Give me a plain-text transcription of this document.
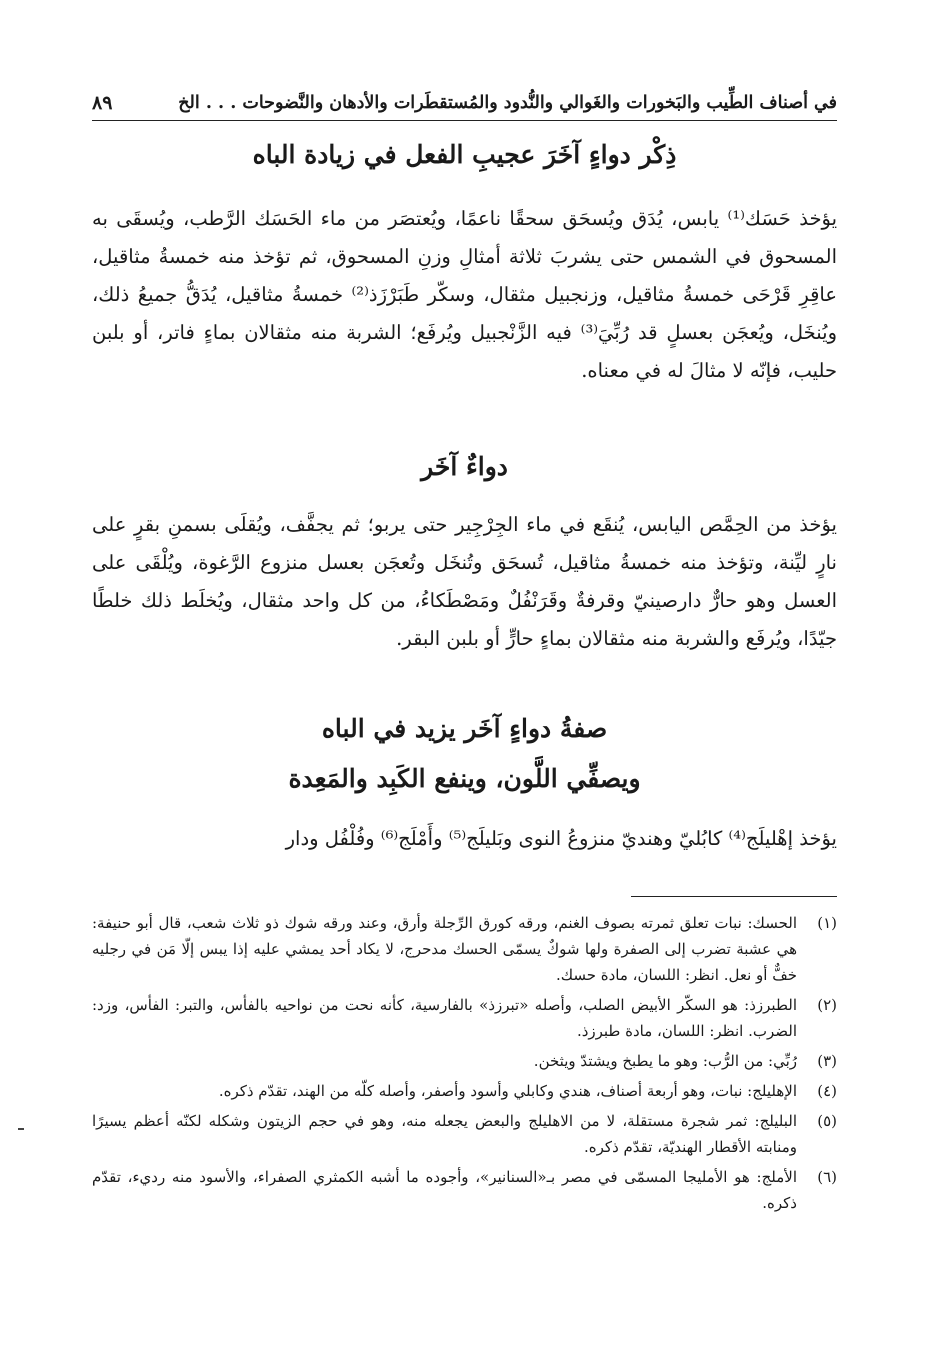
في أصناف الطِّيب والبَخورات والغَوالي والنُّدود والمُستقطَرات والأدهان والنَّضوحات . . . الخ
٨٩
ذِكْر دواءٍ آخَرَ عجيبِ الفعل في زيادة الباه

يؤخذ حَسَك⁽¹⁾ يابس، يُدَق ويُسحَق سحقًا ناعمًا، ويُعتصَر من ماء الحَسَك الرَّطب، ويُسقَى به المسحوق في الشمس حتى يشربَ ثلاثة أمثالِ وزنِ المسحوق، ثم تؤخذ منه خمسةُ مثاقيل، عاقِرِ قَرْحَى خمسةُ مثاقيل، وزنجبيل مثقال، وسكّر طَبَرْزَذ⁽²⁾ خمسةُ مثاقيل، يُدَقُّ جميعُ ذلك، ويُنخَل، ويُعجَن بعسلٍ قد رُبِّيَ⁽³⁾ فيه الزَّنْجبيل ويُرفَع؛ الشربة منه مثقالان بماءٍ فاتر، أو بلبن حليب، فإنّه لا مثالَ له في معناه.

دواءٌ آخَر

يؤخذ من الحِمَّص اليابس، يُنقَع في ماء الجِرْجِير حتى يربو؛ ثم يجفَّف، ويُقلَى بسمنِ بقرٍ على نارٍ ليِّنة، وتؤخذ منه خمسةُ مثاقيل، تُسحَق وتُنخَل وتُعجَن بعسل منزوع الرَّغوة، ويُلْقَى على العسل وهو حارٌّ دارصينيّ وقرفةٌ وقَرَنْفُلٌ ومَصْطَكاءُ، من كل واحد مثقال، ويُخلَط ذلك خلطًا جيّدًا، ويُرفَع والشربة منه مثقالان بماءٍ حارٍّ أو بلبن البقر.

صفةُ دواءٍ آخَر يزيد في الباه
ويصفِّي اللَّون، وينفع الكَبِد والمَعِدة

يؤخذ إهْليلَج⁽⁴⁾ كابُليّ وهنديّ منزوعُ النوى وبَليلَج⁽⁵⁾ وأَمْلَج⁽⁶⁾ وفُلْفُل ودار

(١)
الحسك: نبات تعلق ثمرته بصوف الغنم، ورقه كورق الرِّجلة وأرق، وعند ورقه شوك ذو ثلاث شعب، قال أبو حنيفة: هي عشبة تضرب إلى الصفرة ولها شوكٌ يسمّى الحسك مدحرج، لا يكاد أحد يمشي عليه إذا يبس إلّا مَن في رجليه خفٌّ أو نعل. انظر: اللسان، مادة حسك.
(٢)
الطبرزذ: هو السكّر الأبيض الصلب، وأصله «تبرزذ» بالفارسية، كأنه نحت من نواحيه بالفأس، والتبر: الفأس، وزد: الضرب. انظر: اللسان، مادة طبرزذ.
(٣)
رُبِّي: من الرُّب: وهو ما يطبخ ويشتدّ ويثخن.
(٤)
الإهليلج: نبات، وهو أربعة أصناف، هندي وكابلي وأسود وأصفر، وأصله كلّه من الهند، تقدّم ذكره.
(٥)
البليلج: ثمر شجرة مستقلة، لا من الاهليلج والبعض يجعله منه، وهو في حجم الزيتون وشكله لكنّه أعظم يسيرًا ومنابته الأقطار الهنديّة، تقدّم ذكره.
(٦)
الأملج: هو الأمليجا المسمّى في مصر بـ«السنانير»، وأجوده ما أشبه الكمثري الصفراء، والأسود منه رديء، تقدّم ذكره.
